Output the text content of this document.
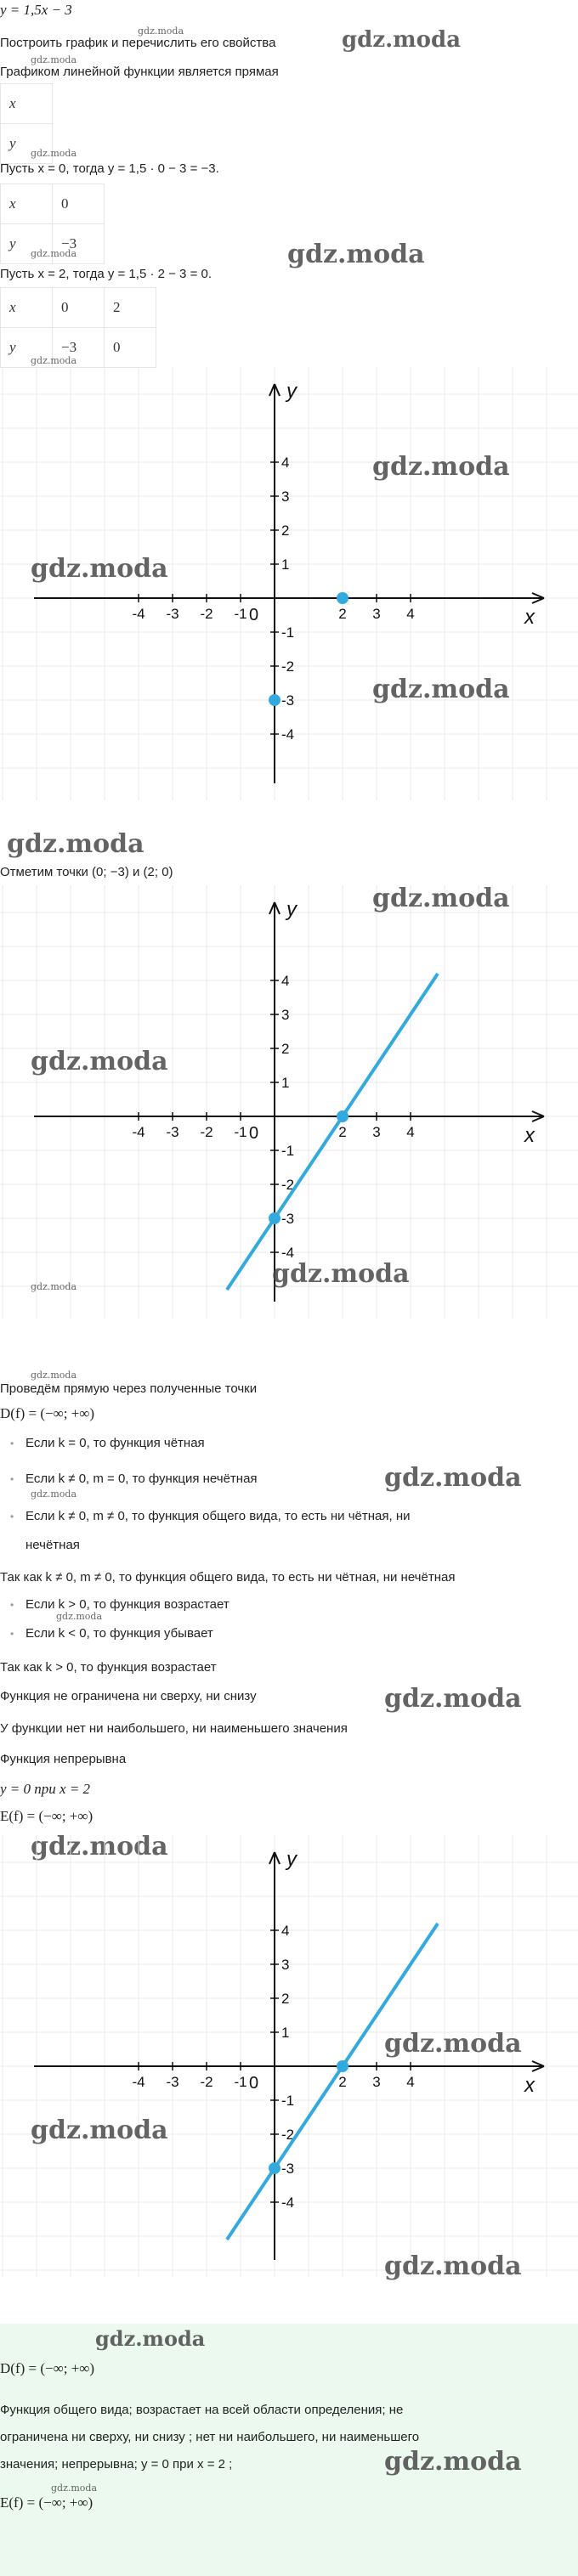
y = 1,5x − 3
gdz.moda
Построить график и перечислить его свойства	gdz.moda
gdz.moda
Графиком линейной функции является прямая
x
y
gdz.moda
Пусть x = 0, тогда y = 1,5 · 0 − 3 = −3.
x	0
y	−3
gdz.moda	gdz.moda
Пусть x = 2, тогда y = 1,5 · 2 − 3 = 0.
x	0	2
y	−3	0
gdz.moda
x
y
0
-4 -3 -2 -1	2 3 4
4
3
2
1
-1
-2
-3
-4
gdz.moda
gdz.moda
gdz.moda
gdz.moda
Отметим точки (0; −3) и (2; 0)
x
y
0
-4 -3 -2 -1	2 3 4
4
3
2
1
-1
-2
-3
-4
gdz.moda
gdz.moda
gdz.moda
gdz.moda
gdz.moda
Проведём прямую через полученные точки
D(f) = (−∞; +∞)
• Если k = 0, то функция чётная
• Если k ≠ 0, m = 0, то функция нечётная	gdz.moda
gdz.moda
• Если k ≠ 0, m ≠ 0, то функция общего вида, то есть ни чётная, ни
нечётная
Так как k ≠ 0, m ≠ 0, то функция общего вида, то есть ни чётная, ни нечётная
• Если k > 0, то функция возрастает
gdz.moda
• Если k < 0, то функция убывает
Так как k > 0, то функция возрастает
Функция не ограничена ни сверху, ни снизу	gdz.moda
У функции нет ни наибольшего, ни наименьшего значения
Функция непрерывна
y = 0 при x = 2
E(f) = (−∞; +∞)
gdz.moda
x
y
0
-4 -3 -2 -1	2 3 4
4
3
2
1
-1
-2
-3
-4
gdz.moda
gdz.moda
gdz.moda
gdz.moda
D(f) = (−∞; +∞)
Функция общего вида; возрастает на всей области определения; не
ограничена ни сверху, ни снизу ; нет ни наибольшего, ни наименьшего
значения; непрерывна; y = 0 при x = 2 ;	gdz.moda
gdz.moda
E(f) = (−∞; +∞)
